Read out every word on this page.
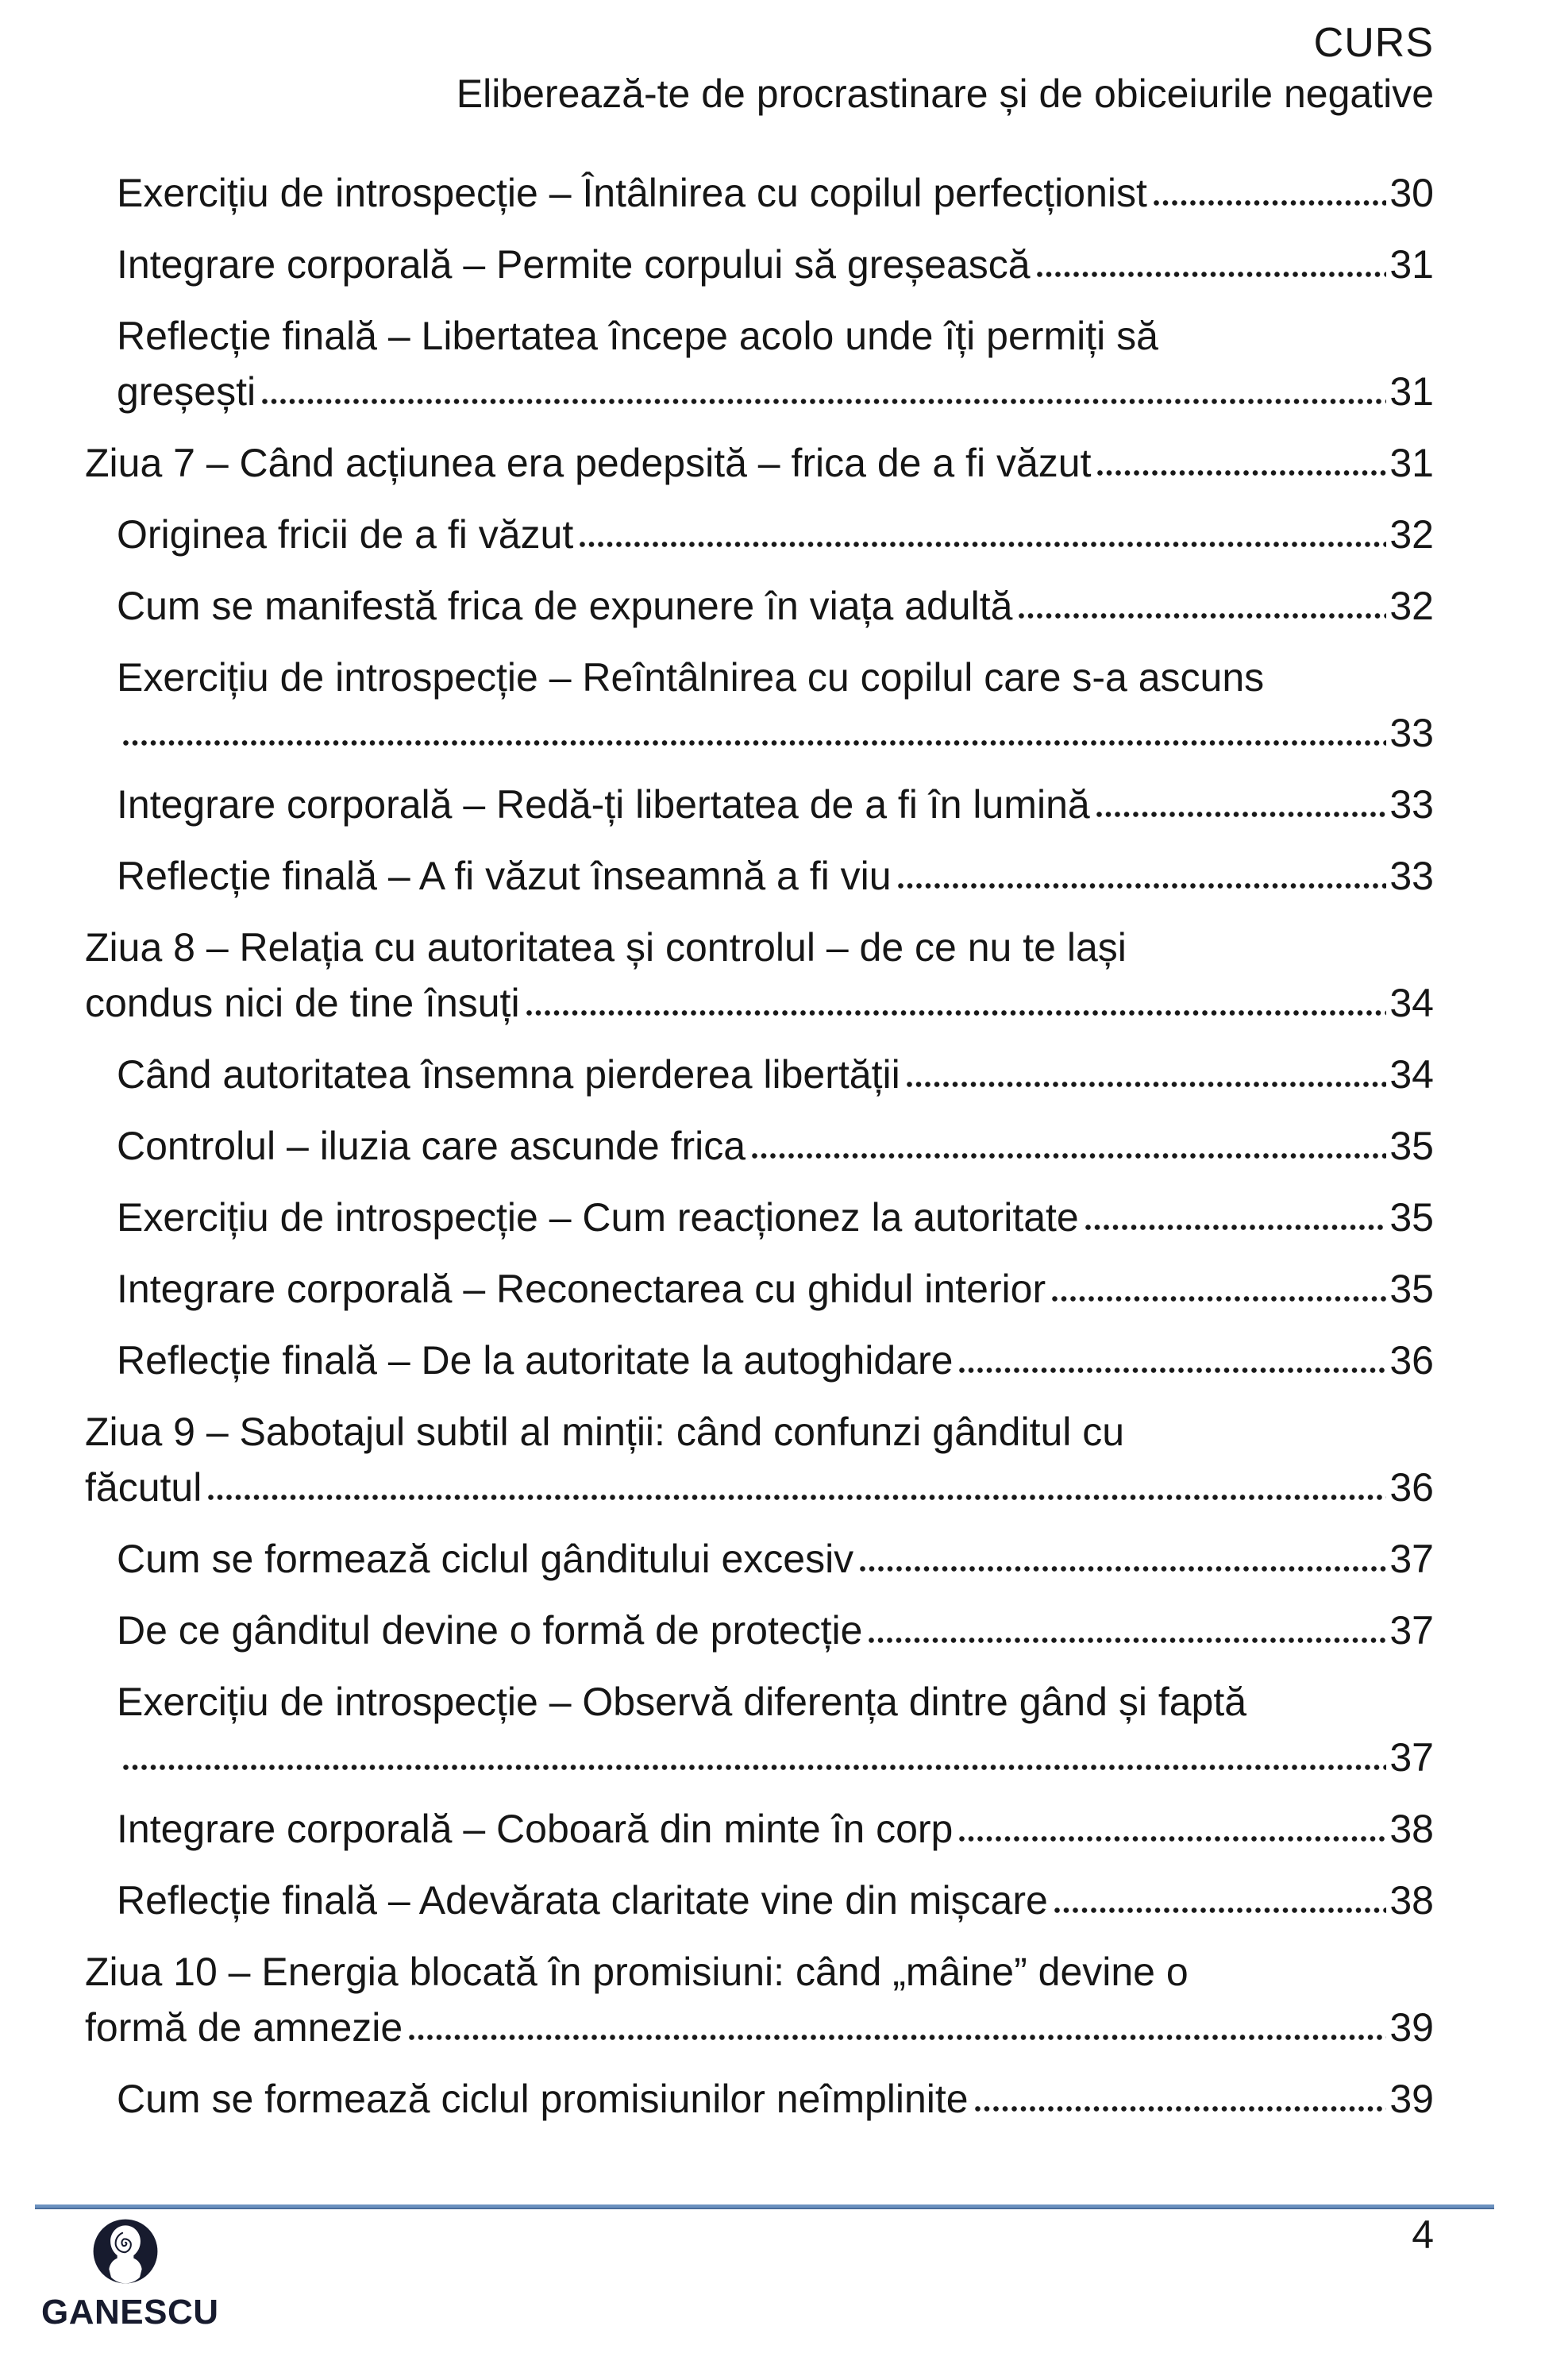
CURS
Eliberează-te de procrastinare și de obiceiurile negative
Exercițiu de introspecție – Întâlnirea cu copilul perfecționist	30
Integrare corporală – Permite corpului să greșească	31
Reflecție finală – Libertatea începe acolo unde îți permiți să
greșești	31
Ziua 7 – Când acțiunea era pedepsită – frica de a fi văzut	31
Originea fricii de a fi văzut	32
Cum se manifestă frica de expunere în viața adultă	32
Exercițiu de introspecție – Reîntâlnirea cu copilul care s-a ascuns
33
Integrare corporală – Redă-ți libertatea de a fi în lumină	33
Reflecție finală – A fi văzut înseamnă a fi viu	33
Ziua 8 – Relația cu autoritatea și controlul – de ce nu te lași
condus nici de tine însuți	34
Când autoritatea însemna pierderea libertății	34
Controlul – iluzia care ascunde frica	35
Exercițiu de introspecție – Cum reacționez la autoritate	35
Integrare corporală – Reconectarea cu ghidul interior	35
Reflecție finală – De la autoritate la autoghidare	36
Ziua 9 – Sabotajul subtil al minții: când confunzi gânditul cu
făcutul	36
Cum se formează ciclul gânditului excesiv	37
De ce gânditul devine o formă de protecție	37
Exercițiu de introspecție – Observă diferența dintre gând și faptă
37
Integrare corporală – Coboară din minte în corp	38
Reflecție finală – Adevărata claritate vine din mișcare	38
Ziua 10 – Energia blocată în promisiuni: când „mâine” devine o
formă de amnezie	39
Cum se formează ciclul promisiunilor neîmplinite	39
4
GANESCU
